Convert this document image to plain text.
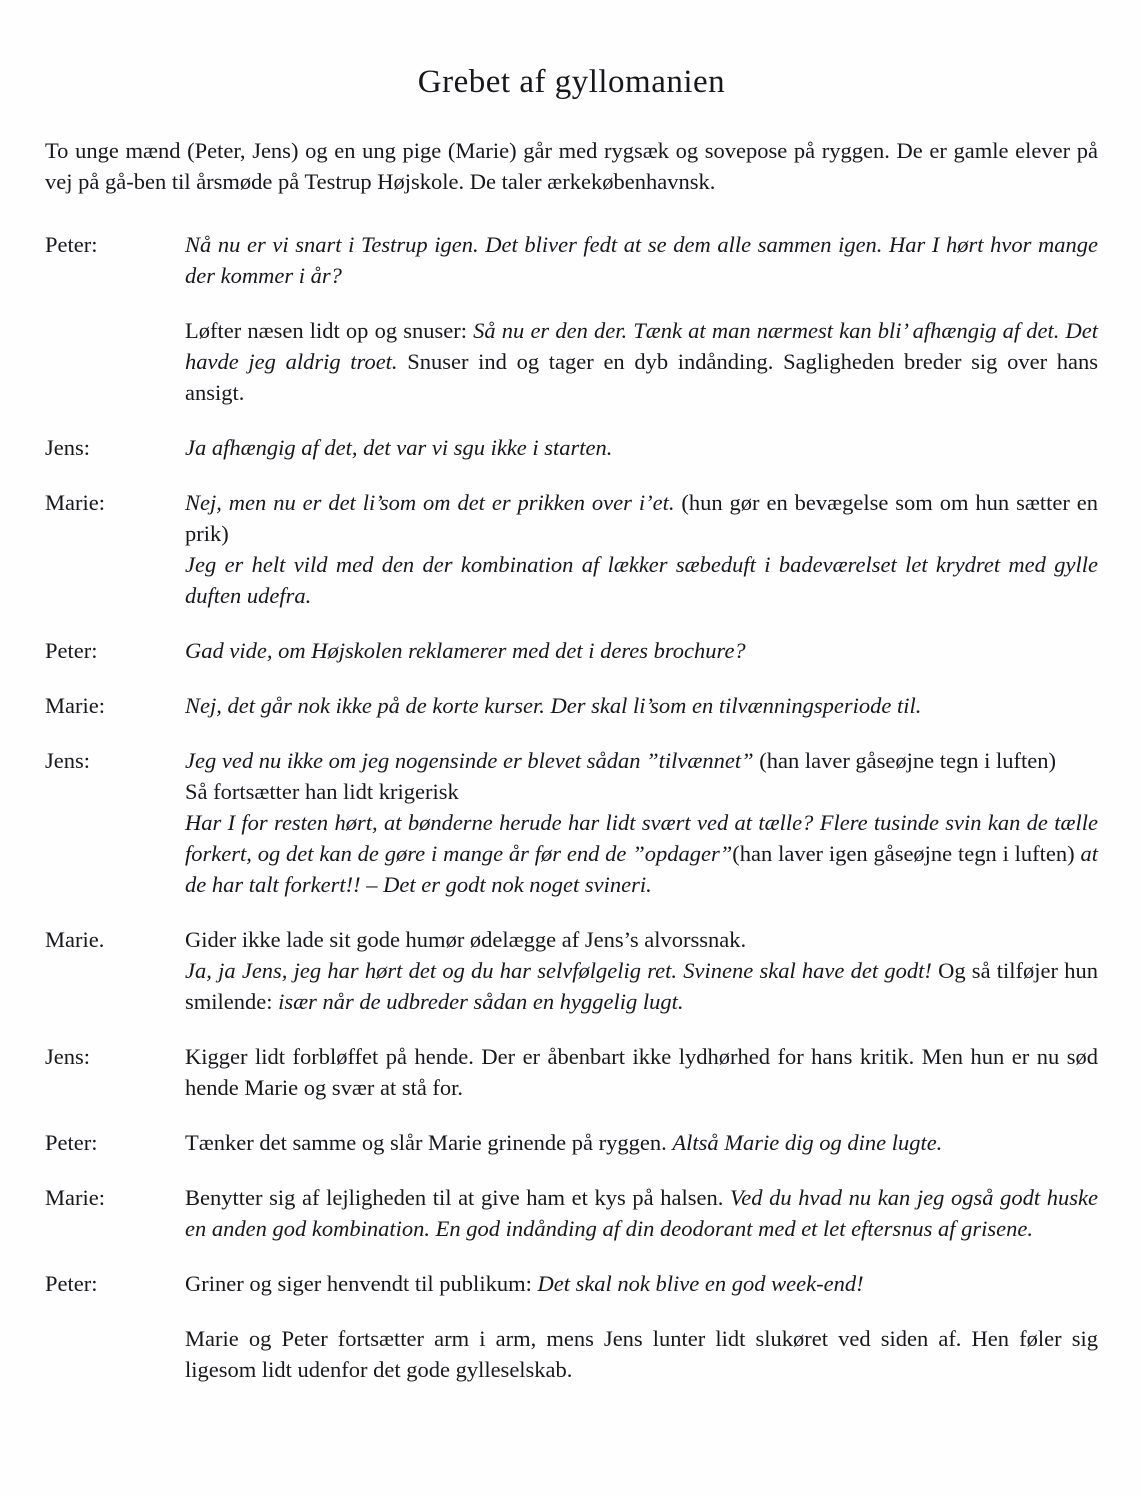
Grebet af gyllomanien

To unge mænd (Peter, Jens) og en ung pige (Marie) går med rygsæk og sovepose på ryggen. De er gamle elever på vej på gå-ben til årsmøde på Testrup Højskole. De taler ærkekøbenhavnsk.

Peter:	Nå nu er vi snart i Testrup igen. Det bliver fedt at se dem alle sammen igen. Har I hørt hvor mange der kommer i år?

Løfter næsen lidt op og snuser: Så nu er den der. Tænk at man nærmest kan bli’ afhængig af det. Det havde jeg aldrig troet. Snuser ind og tager en dyb indånding. Sagligheden breder sig over hans ansigt.

Jens:	Ja afhængig af det, det var vi sgu ikke i starten.

Marie:	Nej, men nu er det li’som om det er prikken over i’et. (hun gør en bevægelse som om hun sætter en prik)

Jeg er helt vild med den der kombination af lækker sæbeduft i badeværelset let krydret med gylle duften udefra.

Peter:	Gad vide, om Højskolen reklamerer med det i deres brochure?

Marie:	Nej, det går nok ikke på de korte kurser. Der skal li’som en tilvænningsperiode til.

Jens:	Jeg ved nu ikke om jeg nogensinde er blevet sådan ”tilvænnet” (han laver gåseøjne tegn i luften)

Så fortsætter han lidt krigerisk

Har I for resten hørt, at bønderne herude har lidt svært ved at tælle? Flere tusinde svin kan de tælle forkert, og det kan de gøre i mange år før end de ”opdager”(han laver igen gåseøjne tegn i luften) at de har talt forkert!! – Det er godt nok noget svineri.

Marie.	Gider ikke lade sit gode humør ødelægge af Jens’s alvorssnak.

Ja, ja Jens, jeg har hørt det og du har selvfølgelig ret. Svinene skal have det godt! Og så tilføjer hun smilende: især når de udbreder sådan en hyggelig lugt.

Jens:	Kigger lidt forbløffet på hende. Der er åbenbart ikke lydhørhed for hans kritik. Men hun er nu sød hende Marie og svær at stå for.

Peter:	Tænker det samme og slår Marie grinende på ryggen. Altså Marie dig og dine lugte.

Marie:	Benytter sig af lejligheden til at give ham et kys på halsen. Ved du hvad nu kan jeg også godt huske en anden god kombination. En god indånding af din deodorant med et let eftersnus af grisene.

Peter:	Griner og siger henvendt til publikum: Det skal nok blive en god week-end!

Marie og Peter fortsætter arm i arm, mens Jens lunter lidt slukøret ved siden af. Hen føler sig ligesom lidt udenfor det gode gylleselskab.
